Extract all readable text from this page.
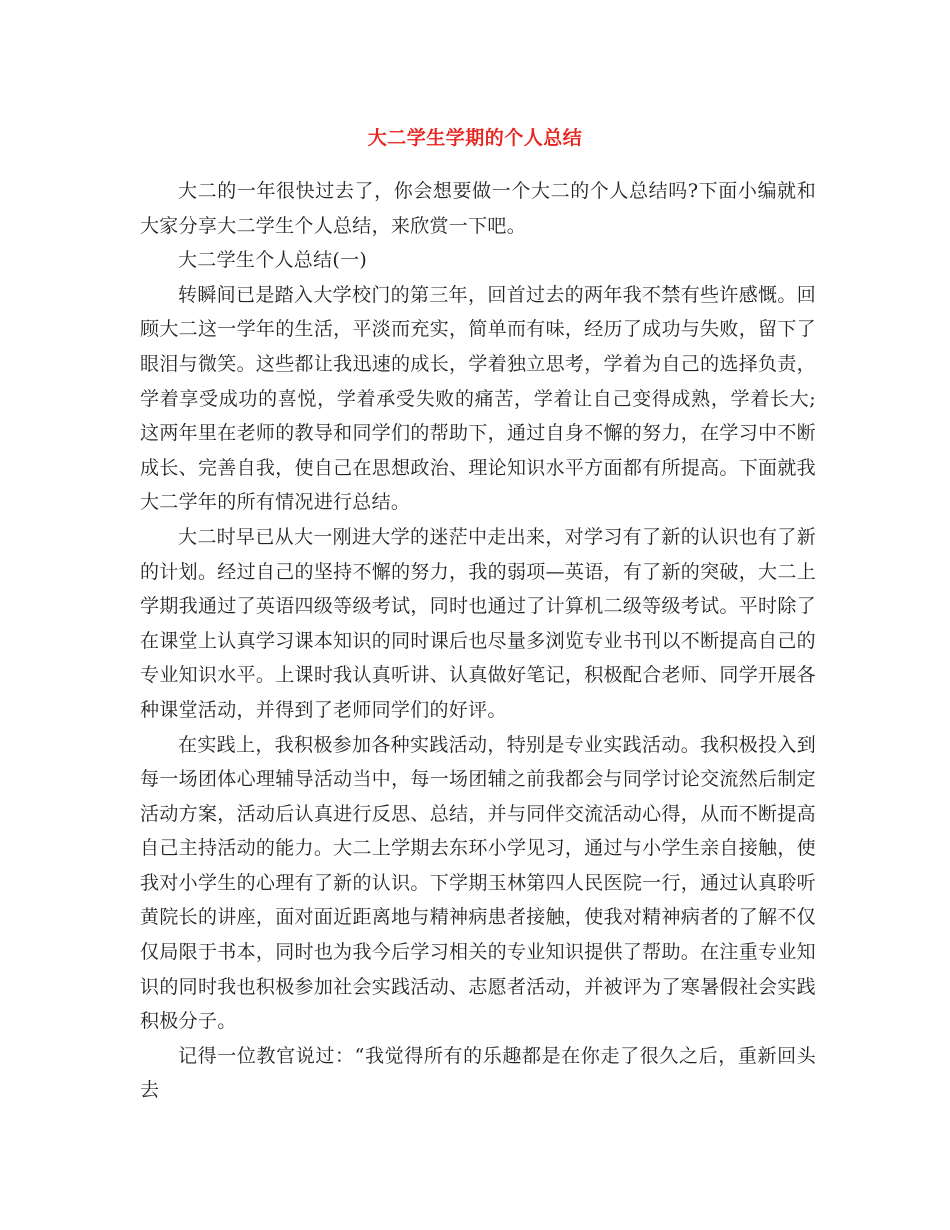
大二学生学期的个人总结

大二的一年很快过去了，你会想要做一个大二的个人总结吗?下面小编就和大家分享大二学生个人总结，来欣赏一下吧。

大二学生个人总结(一)

转瞬间已是踏入大学校门的第三年，回首过去的两年我不禁有些许感慨。回顾大二这一学年的生活，平淡而充实，简单而有味，经历了成功与失败，留下了眼泪与微笑。这些都让我迅速的成长，学着独立思考，学着为自己的选择负责，学着享受成功的喜悦，学着承受失败的痛苦，学着让自己变得成熟，学着长大;这两年里在老师的教导和同学们的帮助下，通过自身不懈的努力，在学习中不断成长、完善自我，使自己在思想政治、理论知识水平方面都有所提高。下面就我大二学年的所有情况进行总结。

大二时早已从大一刚进大学的迷茫中走出来，对学习有了新的认识也有了新的计划。经过自己的坚持不懈的努力，我的弱项—英语，有了新的突破，大二上学期我通过了英语四级等级考试，同时也通过了计算机二级等级考试。平时除了在课堂上认真学习课本知识的同时课后也尽量多浏览专业书刊以不断提高自己的专业知识水平。上课时我认真听讲、认真做好笔记，积极配合老师、同学开展各种课堂活动，并得到了老师同学们的好评。

在实践上，我积极参加各种实践活动，特别是专业实践活动。我积极投入到每一场团体心理辅导活动当中，每一场团辅之前我都会与同学讨论交流然后制定活动方案，活动后认真进行反思、总结，并与同伴交流活动心得，从而不断提高自己主持活动的能力。大二上学期去东环小学见习，通过与小学生亲自接触，使我对小学生的心理有了新的认识。下学期玉林第四人民医院一行，通过认真聆听黄院长的讲座，面对面近距离地与精神病患者接触，使我对精神病者的了解不仅仅局限于书本，同时也为我今后学习相关的专业知识提供了帮助。在注重专业知识的同时我也积极参加社会实践活动、志愿者活动，并被评为了寒暑假社会实践积极分子。

记得一位教官说过：“我觉得所有的乐趣都是在你走了很久之后，重新回头去
